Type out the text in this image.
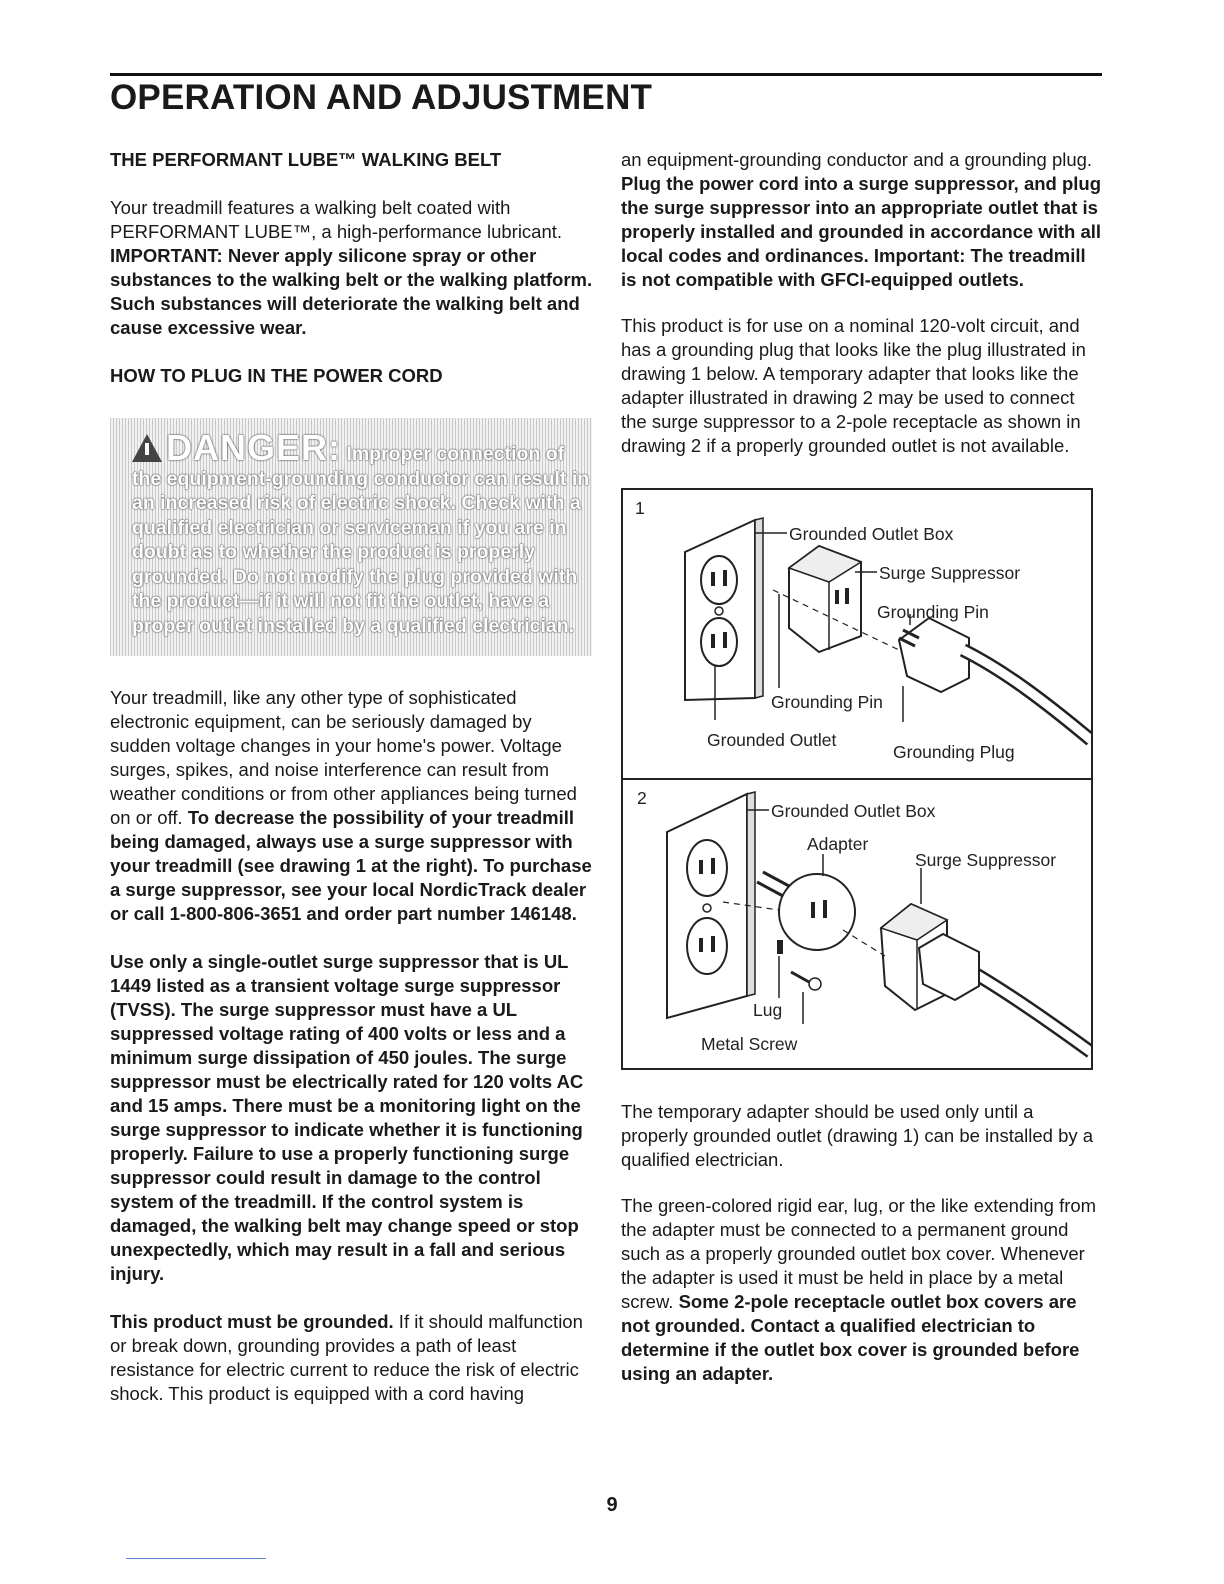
OPERATION AND ADJUSTMENT
THE PERFORMANT LUBE™ WALKING BELT

Your treadmill features a walking belt coated with PERFORMANT LUBE™, a high-performance lubricant. IMPORTANT: Never apply silicone spray or other substances to the walking belt or the walking platform. Such substances will deteriorate the walking belt and cause excessive wear.

HOW TO PLUG IN THE POWER CORD
DANGER: Improper connection of the equipment-grounding conductor can result in an increased risk of electric shock. Check with a qualified electrician or serviceman if you are in doubt as to whether the product is properly grounded. Do not modify the plug provided with the product—if it will not fit the outlet, have a proper outlet installed by a qualified electrician.

Your treadmill, like any other type of sophisticated electronic equipment, can be seriously damaged by sudden voltage changes in your home's power. Voltage surges, spikes, and noise interference can result from weather conditions or from other appliances being turned on or off. To decrease the possibility of your treadmill being damaged, always use a surge suppressor with your treadmill (see drawing 1 at the right). To purchase a surge suppressor, see your local NordicTrack dealer or call 1-800-806-3651 and order part number 146148.

Use only a single-outlet surge suppressor that is UL 1449 listed as a transient voltage surge suppressor (TVSS). The surge suppressor must have a UL suppressed voltage rating of 400 volts or less and a minimum surge dissipation of 450 joules. The surge suppressor must be electrically rated for 120 volts AC and 15 amps. There must be a monitoring light on the surge suppressor to indicate whether it is functioning properly. Failure to use a properly functioning surge suppressor could result in damage to the control system of the treadmill. If the control system is damaged, the walking belt may change speed or stop unexpectedly, which may result in a fall and serious injury.

This product must be grounded. If it should malfunction or break down, grounding provides a path of least resistance for electric current to reduce the risk of electric shock. This product is equipped with a cord having

an equipment-grounding conductor and a grounding plug. Plug the power cord into a surge suppressor, and plug the surge suppressor into an appropriate outlet that is properly installed and grounded in accordance with all local codes and ordinances. Important: The treadmill is not compatible with GFCI-equipped outlets.

This product is for use on a nominal 120-volt circuit, and has a grounding plug that looks like the plug illustrated in drawing 1 below. A temporary adapter that looks like the adapter illustrated in drawing 2 may be used to connect the surge suppressor to a 2-pole receptacle as shown in drawing 2 if a properly grounded outlet is not available.

1
Grounded Outlet Box
Surge Suppressor
Grounding Pin
Grounding Pin
Grounded Outlet
Grounding Plug
2
Grounded Outlet Box
Adapter
Surge Suppressor
Lug
Metal Screw

The temporary adapter should be used only until a properly grounded outlet (drawing 1) can be installed by a qualified electrician.

The green-colored rigid ear, lug, or the like extending from the adapter must be connected to a permanent ground such as a properly grounded outlet box cover. Whenever the adapter is used it must be held in place by a metal screw. Some 2-pole receptacle outlet box covers are not grounded. Contact a qualified electrician to determine if the outlet box cover is grounded before using an adapter.

9
